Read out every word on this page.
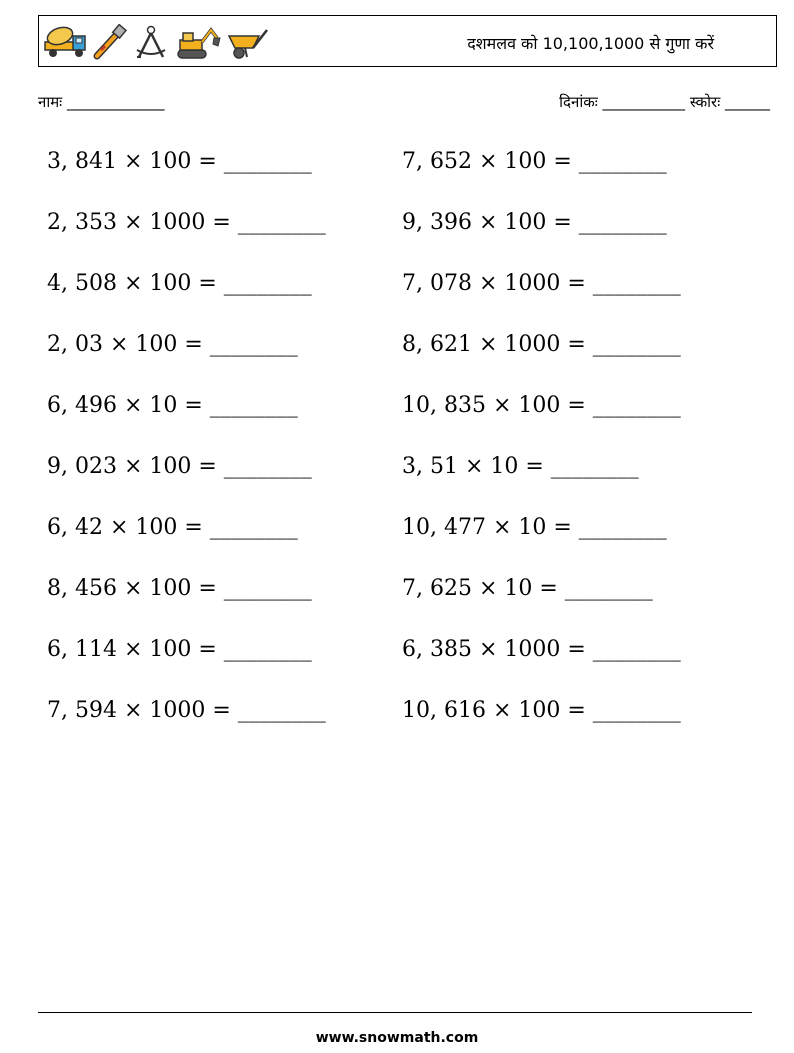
दशमलव को 10,100,1000 से गुणा करें
नामः _____________	दिनांकः ___________ स्कोरः ______
3, 841 × 100 = ________
2, 353 × 1000 = ________
4, 508 × 100 = ________
2, 03 × 100 = ________
6, 496 × 10 = ________
9, 023 × 100 = ________
6, 42 × 100 = ________
8, 456 × 100 = ________
6, 114 × 100 = ________
7, 594 × 1000 = ________
7, 652 × 100 = ________
9, 396 × 100 = ________
7, 078 × 1000 = ________
8, 621 × 1000 = ________
10, 835 × 100 = ________
3, 51 × 10 = ________
10, 477 × 10 = ________
7, 625 × 10 = ________
6, 385 × 1000 = ________
10, 616 × 100 = ________
www.snowmath.com
